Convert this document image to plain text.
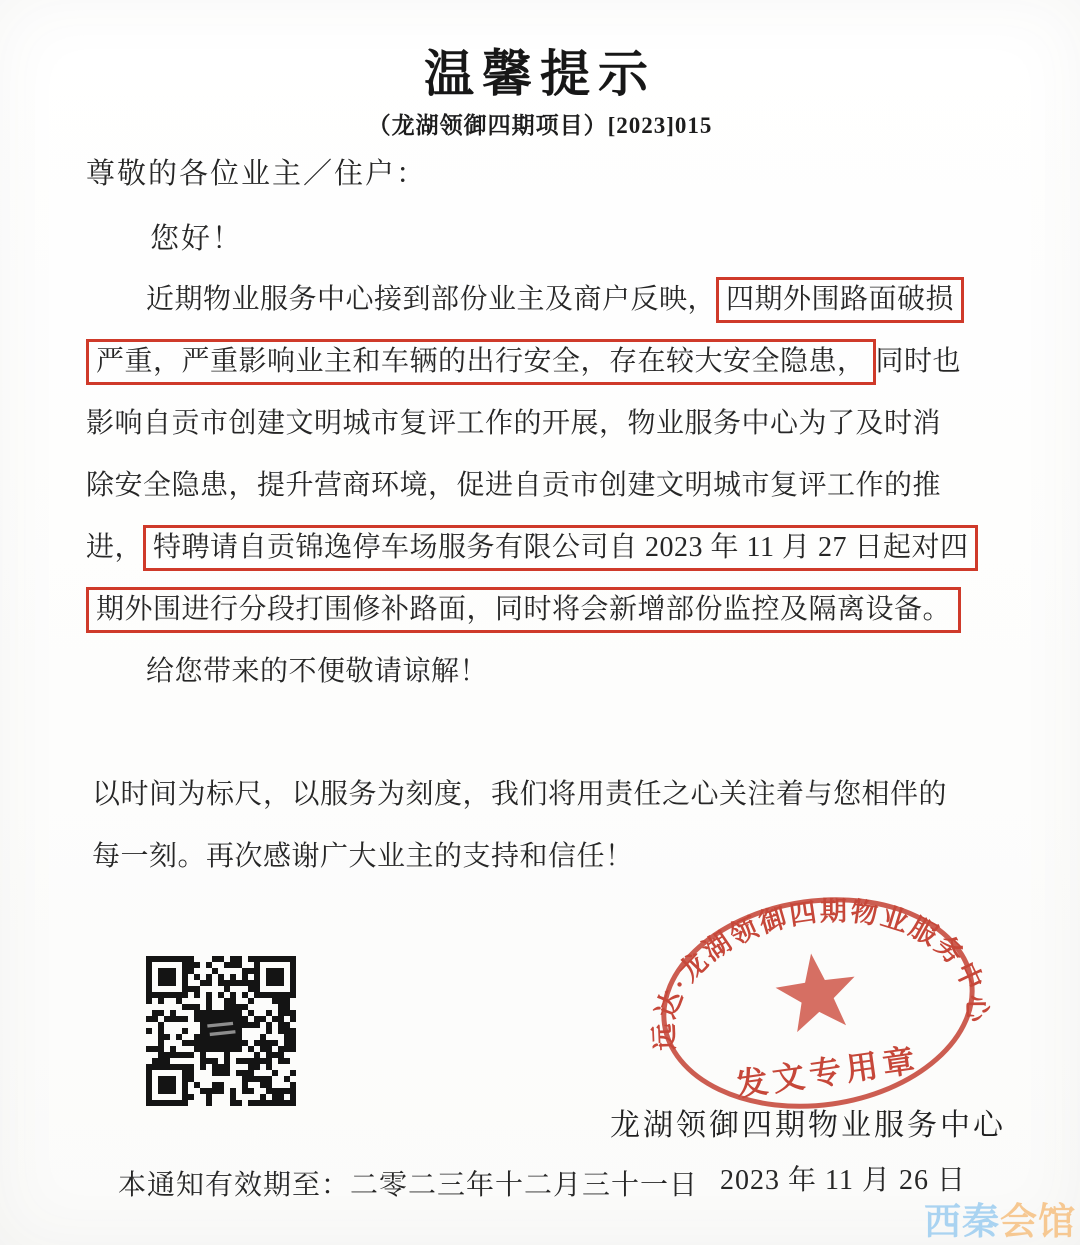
温馨提示
（龙湖领御四期项目）[2023]015
尊敬的各位业主／住户：
您好！
近期物业服务中心接到部份业主及商户反映， 四期外围路面破损
严重，严重影响业主和车辆的出行安全，存在较大安全隐患， 同时也
影响自贡市创建文明城市复评工作的开展，物业服务中心为了及时消
除安全隐患，提升营商环境，促进自贡市创建文明城市复评工作的推
进， 特聘请自贡锦逸停车场服务有限公司自 2023 年 11 月 27 日起对四
期外围进行分段打围修补路面，同时将会新增部份监控及隔离设备。
给您带来的不便敬请谅解！
以时间为标尺，以服务为刻度，我们将用责任之心关注着与您相伴的
每一刻。再次感谢广大业主的支持和信任！
远达·龙湖领御四期物业服务中心
发文专用章
龙湖领御四期物业服务中心
本通知有效期至：二零二三年十二月三十一日 2023 年 11 月 26 日
西秦会馆
